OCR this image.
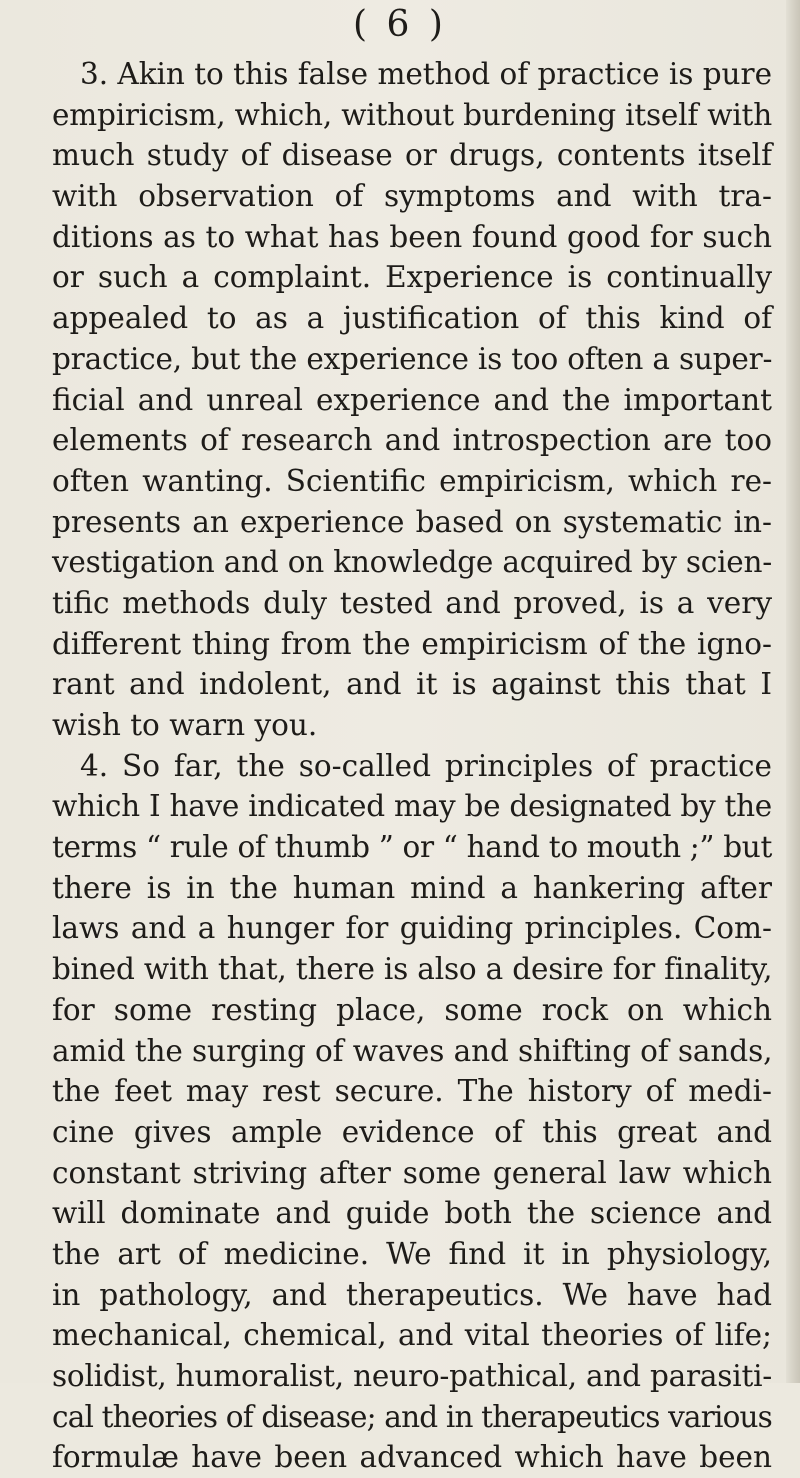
( 6 )
3. Akin to this false method of practice is pure
empiricism, which, without burdening itself with
much study of disease or drugs, contents itself
with observation of symptoms and with tra-
ditions as to what has been found good for such
or such a complaint. Experience is continually
appealed to as a justification of this kind of
practice, but the experience is too often a super-
ficial and unreal experience and the important
elements of research and introspection are too
often wanting. Scientific empiricism, which re-
presents an experience based on systematic in-
vestigation and on knowledge acquired by scien-
tific methods duly tested and proved, is a very
different thing from the empiricism of the igno-
rant and indolent, and it is against this that I
wish to warn you.
4. So far, the so-called principles of practice
which I have indicated may be designated by the
terms “ rule of thumb ” or “ hand to mouth ;” but
there is in the human mind a hankering after
laws and a hunger for guiding principles. Com-
bined with that, there is also a desire for finality,
for some resting place, some rock on which
amid the surging of waves and shifting of sands,
the feet may rest secure. The history of medi-
cine gives ample evidence of this great and
constant striving after some general law which
will dominate and guide both the science and
the art of medicine. We find it in physiology,
in pathology, and therapeutics. We have had
mechanical, chemical, and vital theories of life;
solidist, humoralist, neuro-pathical, and parasiti-
cal theories of disease; and in therapeutics various
formulæ have been advanced which have been
